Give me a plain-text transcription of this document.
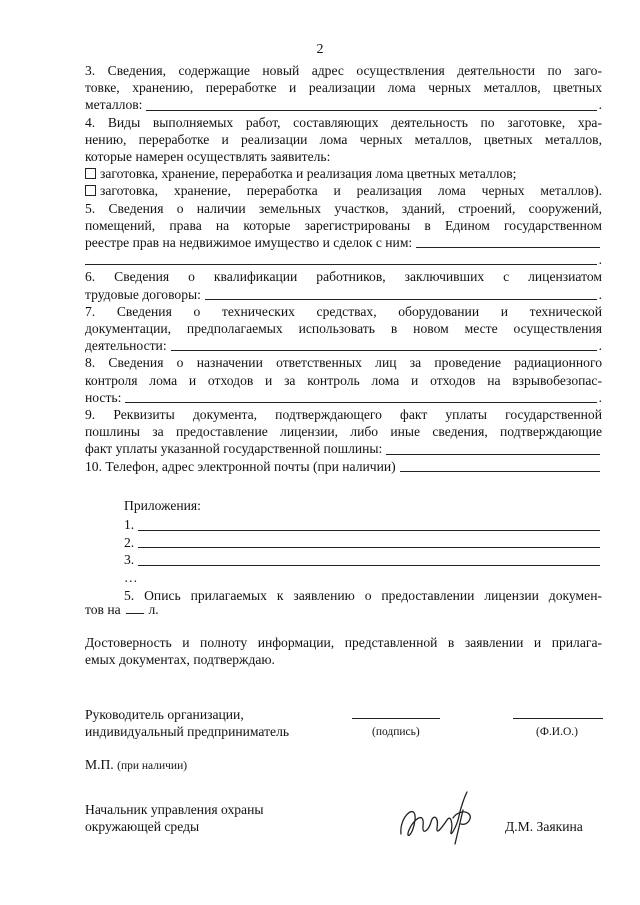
2
3. Сведения, содержащие новый адрес осуществления деятельности по заго-
товке, хранению, переработке и реализации лома черных металлов, цветных
металлов:	.
4. Виды выполняемых работ, составляющих деятельность по заготовке, хра-
нению, переработке и реализации лома черных металлов, цветных металлов,
которые намерен осуществлять заявитель:
заготовка, хранение, переработка и реализация лома цветных металлов;
заготовка, хранение, переработка и реализация лома черных металлов).
5. Сведения о наличии земельных участков, зданий, строений, сооружений,
помещений, права на которые зарегистрированы в Едином государственном
реестре прав на недвижимое имущество и сделок с ним:
.
6. Сведения о квалификации работников, заключивших с лицензиатом
трудовые договоры:	.
7. Сведения о технических средствах, оборудовании и технической
документации, предполагаемых использовать в новом месте осуществления
деятельности:	.
8. Сведения о назначении ответственных лиц за проведение радиационного
контроля лома и отходов и за контроль лома и отходов на взрывобезопас-
ность:	.
9. Реквизиты документа, подтверждающего факт уплаты государственной
пошлины за предоставление лицензии, либо иные сведения, подтверждающие
факт уплаты указанной государственной пошлины:
10. Телефон, адрес электронной почты (при наличии)
Приложения:
1.
2.
3.
…
5. Опись прилагаемых к заявлению о предоставлении лицензии докумен-
тов на л.
Достоверность и полноту информации, представленной в заявлении и прилага-
емых документах, подтверждаю.
Руководитель организации,
индивидуальный предприниматель	(подпись)	(Ф.И.О.)
М.П. (при наличии)
Начальник управления охраны
окружающей среды	Д.М. Заякина
